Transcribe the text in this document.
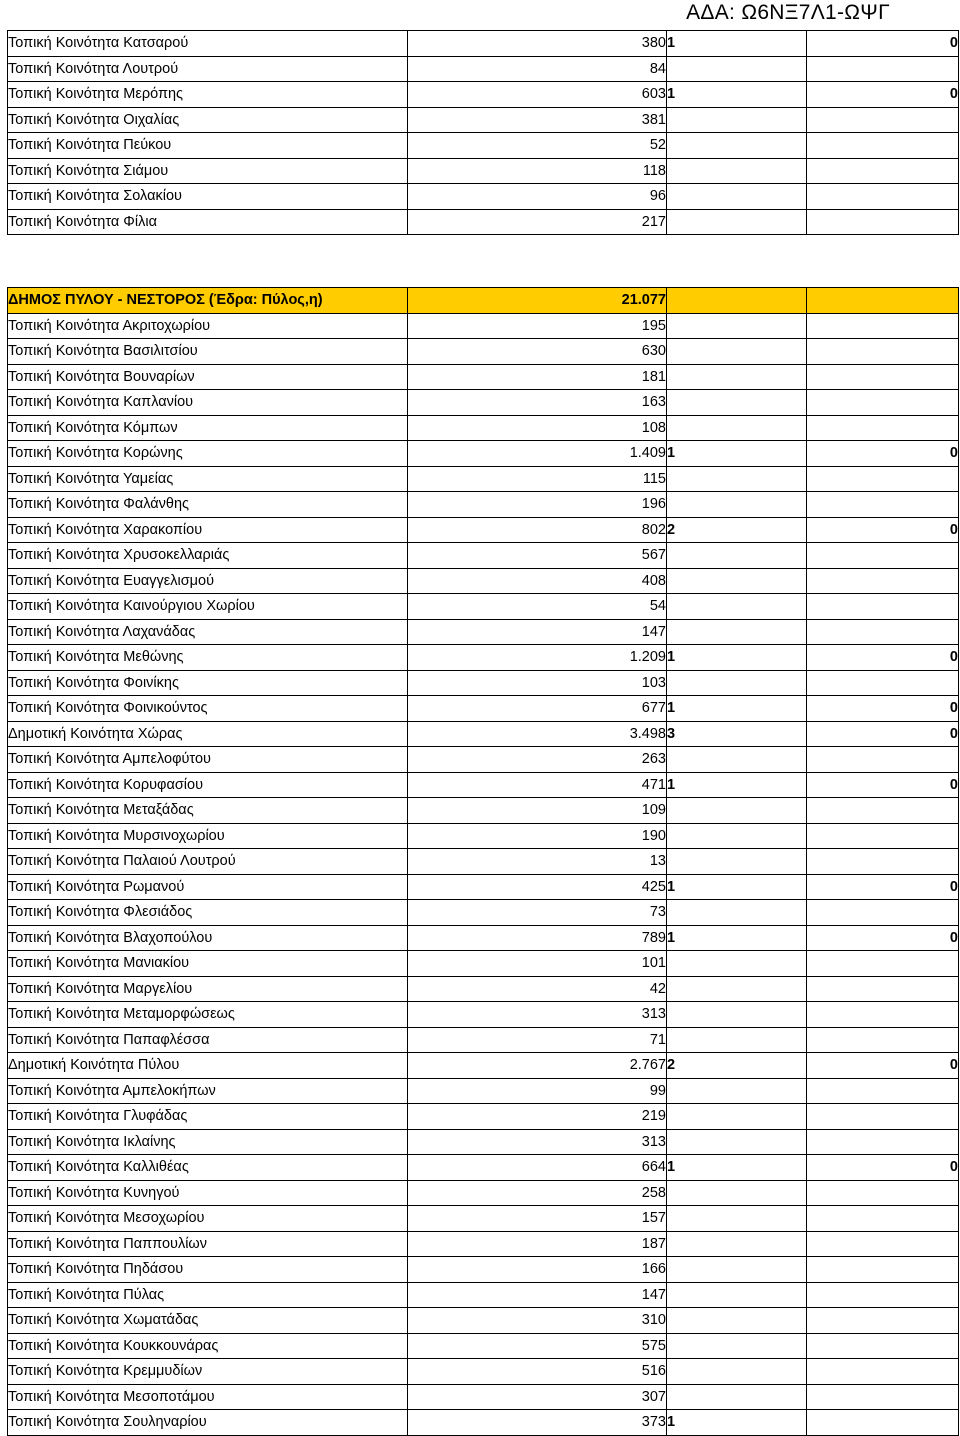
ΑΔΑ: Ω6ΝΞ7Λ1-ΩΨΓ
Τοπική Κοινότητα Κατσαρού	380	1	0
Τοπική Κοινότητα Λουτρού	84		
Τοπική Κοινότητα Μερόπης	603	1	0
Τοπική Κοινότητα Οιχαλίας	381		
Τοπική Κοινότητα Πεύκου	52		
Τοπική Κοινότητα Σιάμου	118		
Τοπική Κοινότητα Σολακίου	96		
Τοπική Κοινότητα Φίλια	217		
ΔΗΜΟΣ ΠΥΛΟΥ - ΝΕΣΤΟΡΟΣ (Έδρα: Πύλος,η)	21.077		
Τοπική Κοινότητα Ακριτοχωρίου	195		
Τοπική Κοινότητα Βασιλιτσίου	630		
Τοπική Κοινότητα Βουναρίων	181		
Τοπική Κοινότητα Καπλανίου	163		
Τοπική Κοινότητα Κόμπων	108		
Τοπική Κοινότητα Κορώνης	1.409	1	0
Τοπική Κοινότητα Υαμείας	115		
Τοπική Κοινότητα Φαλάνθης	196		
Τοπική Κοινότητα Χαρακοπίου	802	2	0
Τοπική Κοινότητα Χρυσοκελλαριάς	567		
Τοπική Κοινότητα Ευαγγελισμού	408		
Τοπική Κοινότητα Καινούργιου Χωρίου	54		
Τοπική Κοινότητα Λαχανάδας	147		
Τοπική Κοινότητα Μεθώνης	1.209	1	0
Τοπική Κοινότητα Φοινίκης	103		
Τοπική Κοινότητα Φοινικούντος	677	1	0
Δημοτική Κοινότητα Χώρας	3.498	3	0
Τοπική Κοινότητα Αμπελοφύτου	263		
Τοπική Κοινότητα Κορυφασίου	471	1	0
Τοπική Κοινότητα Μεταξάδας	109		
Τοπική Κοινότητα Μυρσινοχωρίου	190		
Τοπική Κοινότητα Παλαιού Λουτρού	13		
Τοπική Κοινότητα Ρωμανού	425	1	0
Τοπική Κοινότητα Φλεσιάδος	73		
Τοπική Κοινότητα Βλαχοπούλου	789	1	0
Τοπική Κοινότητα Μανιακίου	101		
Τοπική Κοινότητα Μαργελίου	42		
Τοπική Κοινότητα Μεταμορφώσεως	313		
Τοπική Κοινότητα Παπαφλέσσα	71		
Δημοτική Κοινότητα Πύλου	2.767	2	0
Τοπική Κοινότητα Αμπελοκήπων	99		
Τοπική Κοινότητα Γλυφάδας	219		
Τοπική Κοινότητα Ικλαίνης	313		
Τοπική Κοινότητα Καλλιθέας	664	1	0
Τοπική Κοινότητα Κυνηγού	258		
Τοπική Κοινότητα Μεσοχωρίου	157		
Τοπική Κοινότητα Παππουλίων	187		
Τοπική Κοινότητα Πηδάσου	166		
Τοπική Κοινότητα Πύλας	147		
Τοπική Κοινότητα Χωματάδας	310		
Τοπική Κοινότητα Κουκκουνάρας	575		
Τοπική Κοινότητα Κρεμμυδίων	516		
Τοπική Κοινότητα Μεσοποτάμου	307		
Τοπική Κοινότητα Σουληναρίου	373	1	
